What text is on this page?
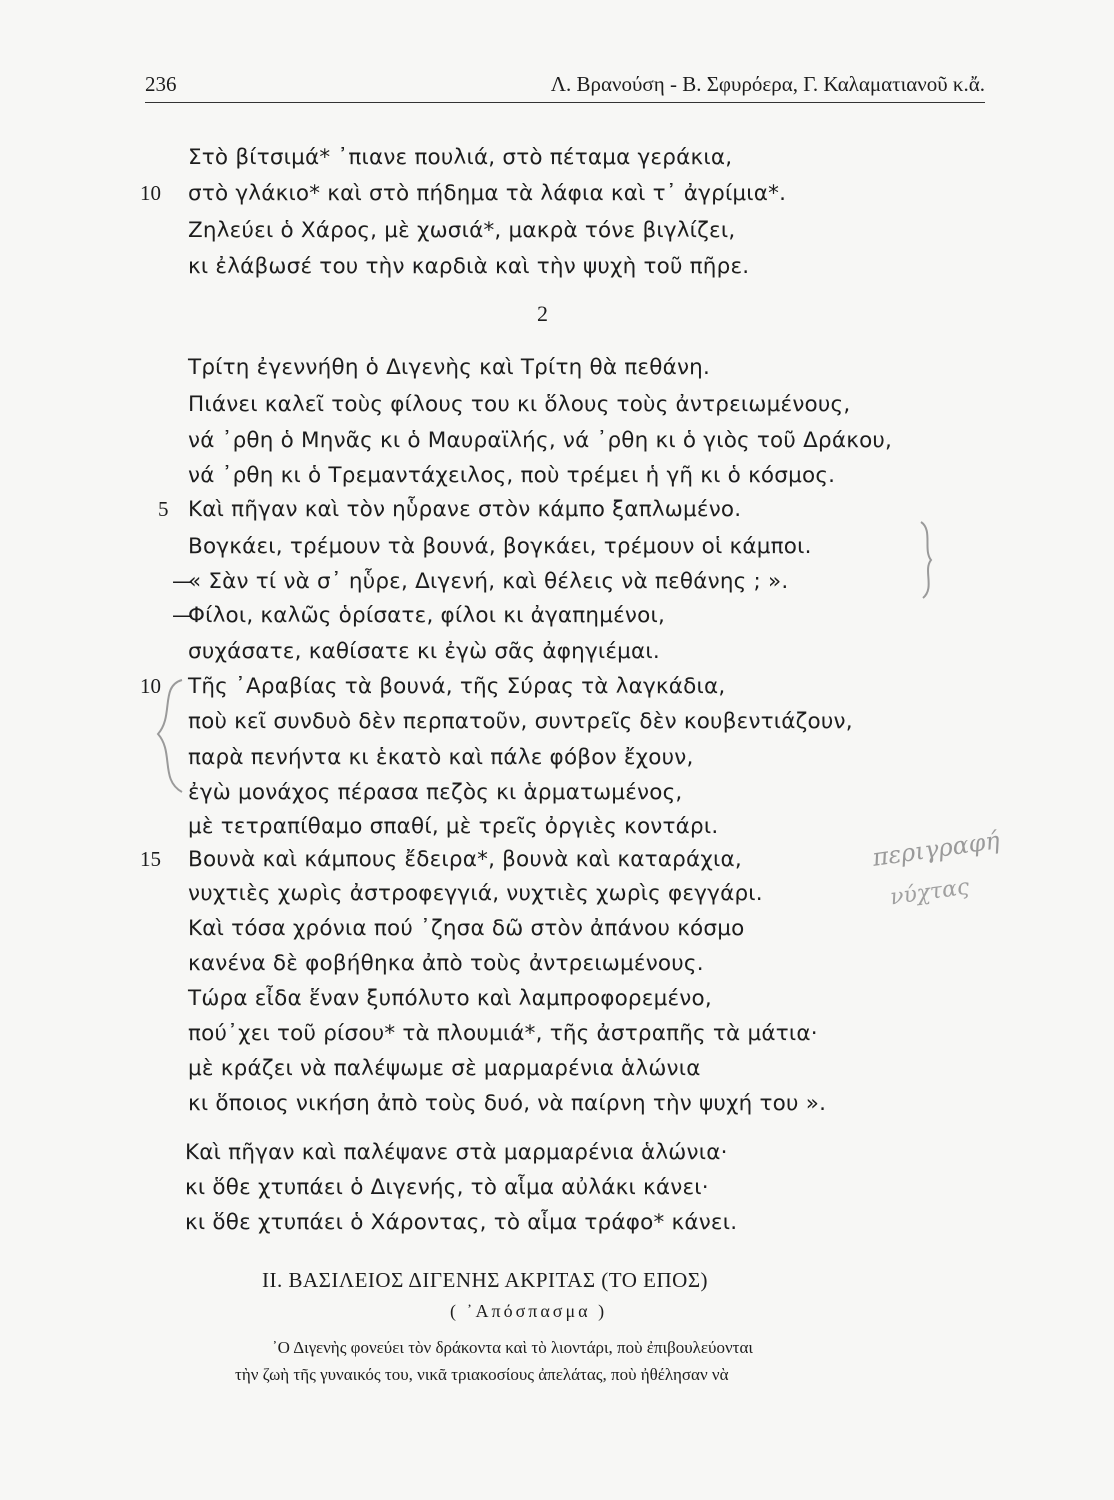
236	Λ. Βρανούση - Β. Σφυρόερα, Γ. Καλαματιανοῦ κ.ἄ.
Στὸ βίτσιμά* ᾽πιανε πουλιά, στὸ πέταμα γεράκια,
10 στὸ γλάκιο* καὶ στὸ πήδημα τὰ λάφια καὶ τ᾽ ἀγρίμια*.
Ζηλεύει ὁ Χάρος, μὲ χωσιά*, μακρὰ τόνε βιγλίζει,
κι ἐλάβωσέ του τὴν καρδιὰ καὶ τὴν ψυχὴ τοῦ πῆρε.
2
Τρίτη ἐγεννήθη ὁ Διγενὴς καὶ Τρίτη θὰ πεθάνη.
Πιάνει καλεῖ τοὺς φίλους του κι ὅλους τοὺς ἀντρειωμένους,
νά ᾽ρθη ὁ Μηνᾶς κι ὁ Μαυραϊλής, νά ᾽ρθη κι ὁ γιὸς τοῦ Δράκου,
νά ᾽ρθη κι ὁ Τρεμαντάχειλος, ποὺ τρέμει ἡ γῆ κι ὁ κόσμος.
5 Καὶ πῆγαν καὶ τὸν ηὗρανε στὸν κάμπο ξαπλωμένο.
Βογκάει, τρέμουν τὰ βουνά, βογκάει, τρέμουν οἱ κάμποι.
—
« Σὰν τί νὰ σ᾽ ηὗρε, Διγενή, καὶ θέλεις νὰ πεθάνης ; ».
—
Φίλοι, καλῶς ὁρίσατε, φίλοι κι ἀγαπημένοι,
συχάσατε, καθίσατε κι ἐγὼ σᾶς ἀφηγιέμαι.
10 Τῆς ᾽Αραβίας τὰ βουνά, τῆς Σύρας τὰ λαγκάδια,
ποὺ κεῖ συνδυὸ δὲν περπατοῦν, συντρεῖς δὲν κουβεντιάζουν,
παρὰ πενήντα κι ἑκατὸ καὶ πάλε φόβον ἔχουν,
ἐγὼ μονάχος πέρασα πεζὸς κι ἁρματωμένος,
μὲ τετραπίθαμο σπαθί, μὲ τρεῖς ὀργιὲς κοντάρι.
15 Βουνὰ καὶ κάμπους ἔδειρα*, βουνὰ καὶ καταράχια,
νυχτιὲς χωρὶς ἀστροφεγγιά, νυχτιὲς χωρὶς φεγγάρι.
Καὶ τόσα χρόνια πού ᾽ζησα δῶ στὸν ἀπάνου κόσμο
κανένα δὲ φοβήθηκα ἀπὸ τοὺς ἀντρειωμένους.
Τώρα εἶδα ἕναν ξυπόλυτο καὶ λαμπροφορεμένο,
πού᾽χει τοῦ ρίσου* τὰ πλουμιά*, τῆς ἀστραπῆς τὰ μάτια·
μὲ κράζει νὰ παλέψωμε σὲ μαρμαρένια ἁλώνια
κι ὅποιος νικήση ἀπὸ τοὺς δυό, νὰ παίρνη τὴν ψυχή του ».
Καὶ πῆγαν καὶ παλέψανε στὰ μαρμαρένια ἁλώνια·
κι ὅθε χτυπάει ὁ Διγενής, τὸ αἷμα αὐλάκι κάνει·
κι ὅθε χτυπάει ὁ Χάροντας, τὸ αἷμα τράφο* κάνει.
ΙΙ. ΒΑΣΙΛΕΙΟΣ ΔΙΓΕΝΗΣ ΑΚΡΙΤΑΣ (ΤΟ ΕΠΟΣ)
( ᾽Απόσπασμα )
᾽Ο Διγενὴς φονεύει τὸν δράκοντα καὶ τὸ λιοντάρι, ποὺ ἐπιβουλεύονται
τὴν ζωὴ τῆς γυναικός του, νικᾶ τριακοσίους ἀπελάτας, ποὺ ἠθέλησαν νὰ
περιγραφή
νύχτας
